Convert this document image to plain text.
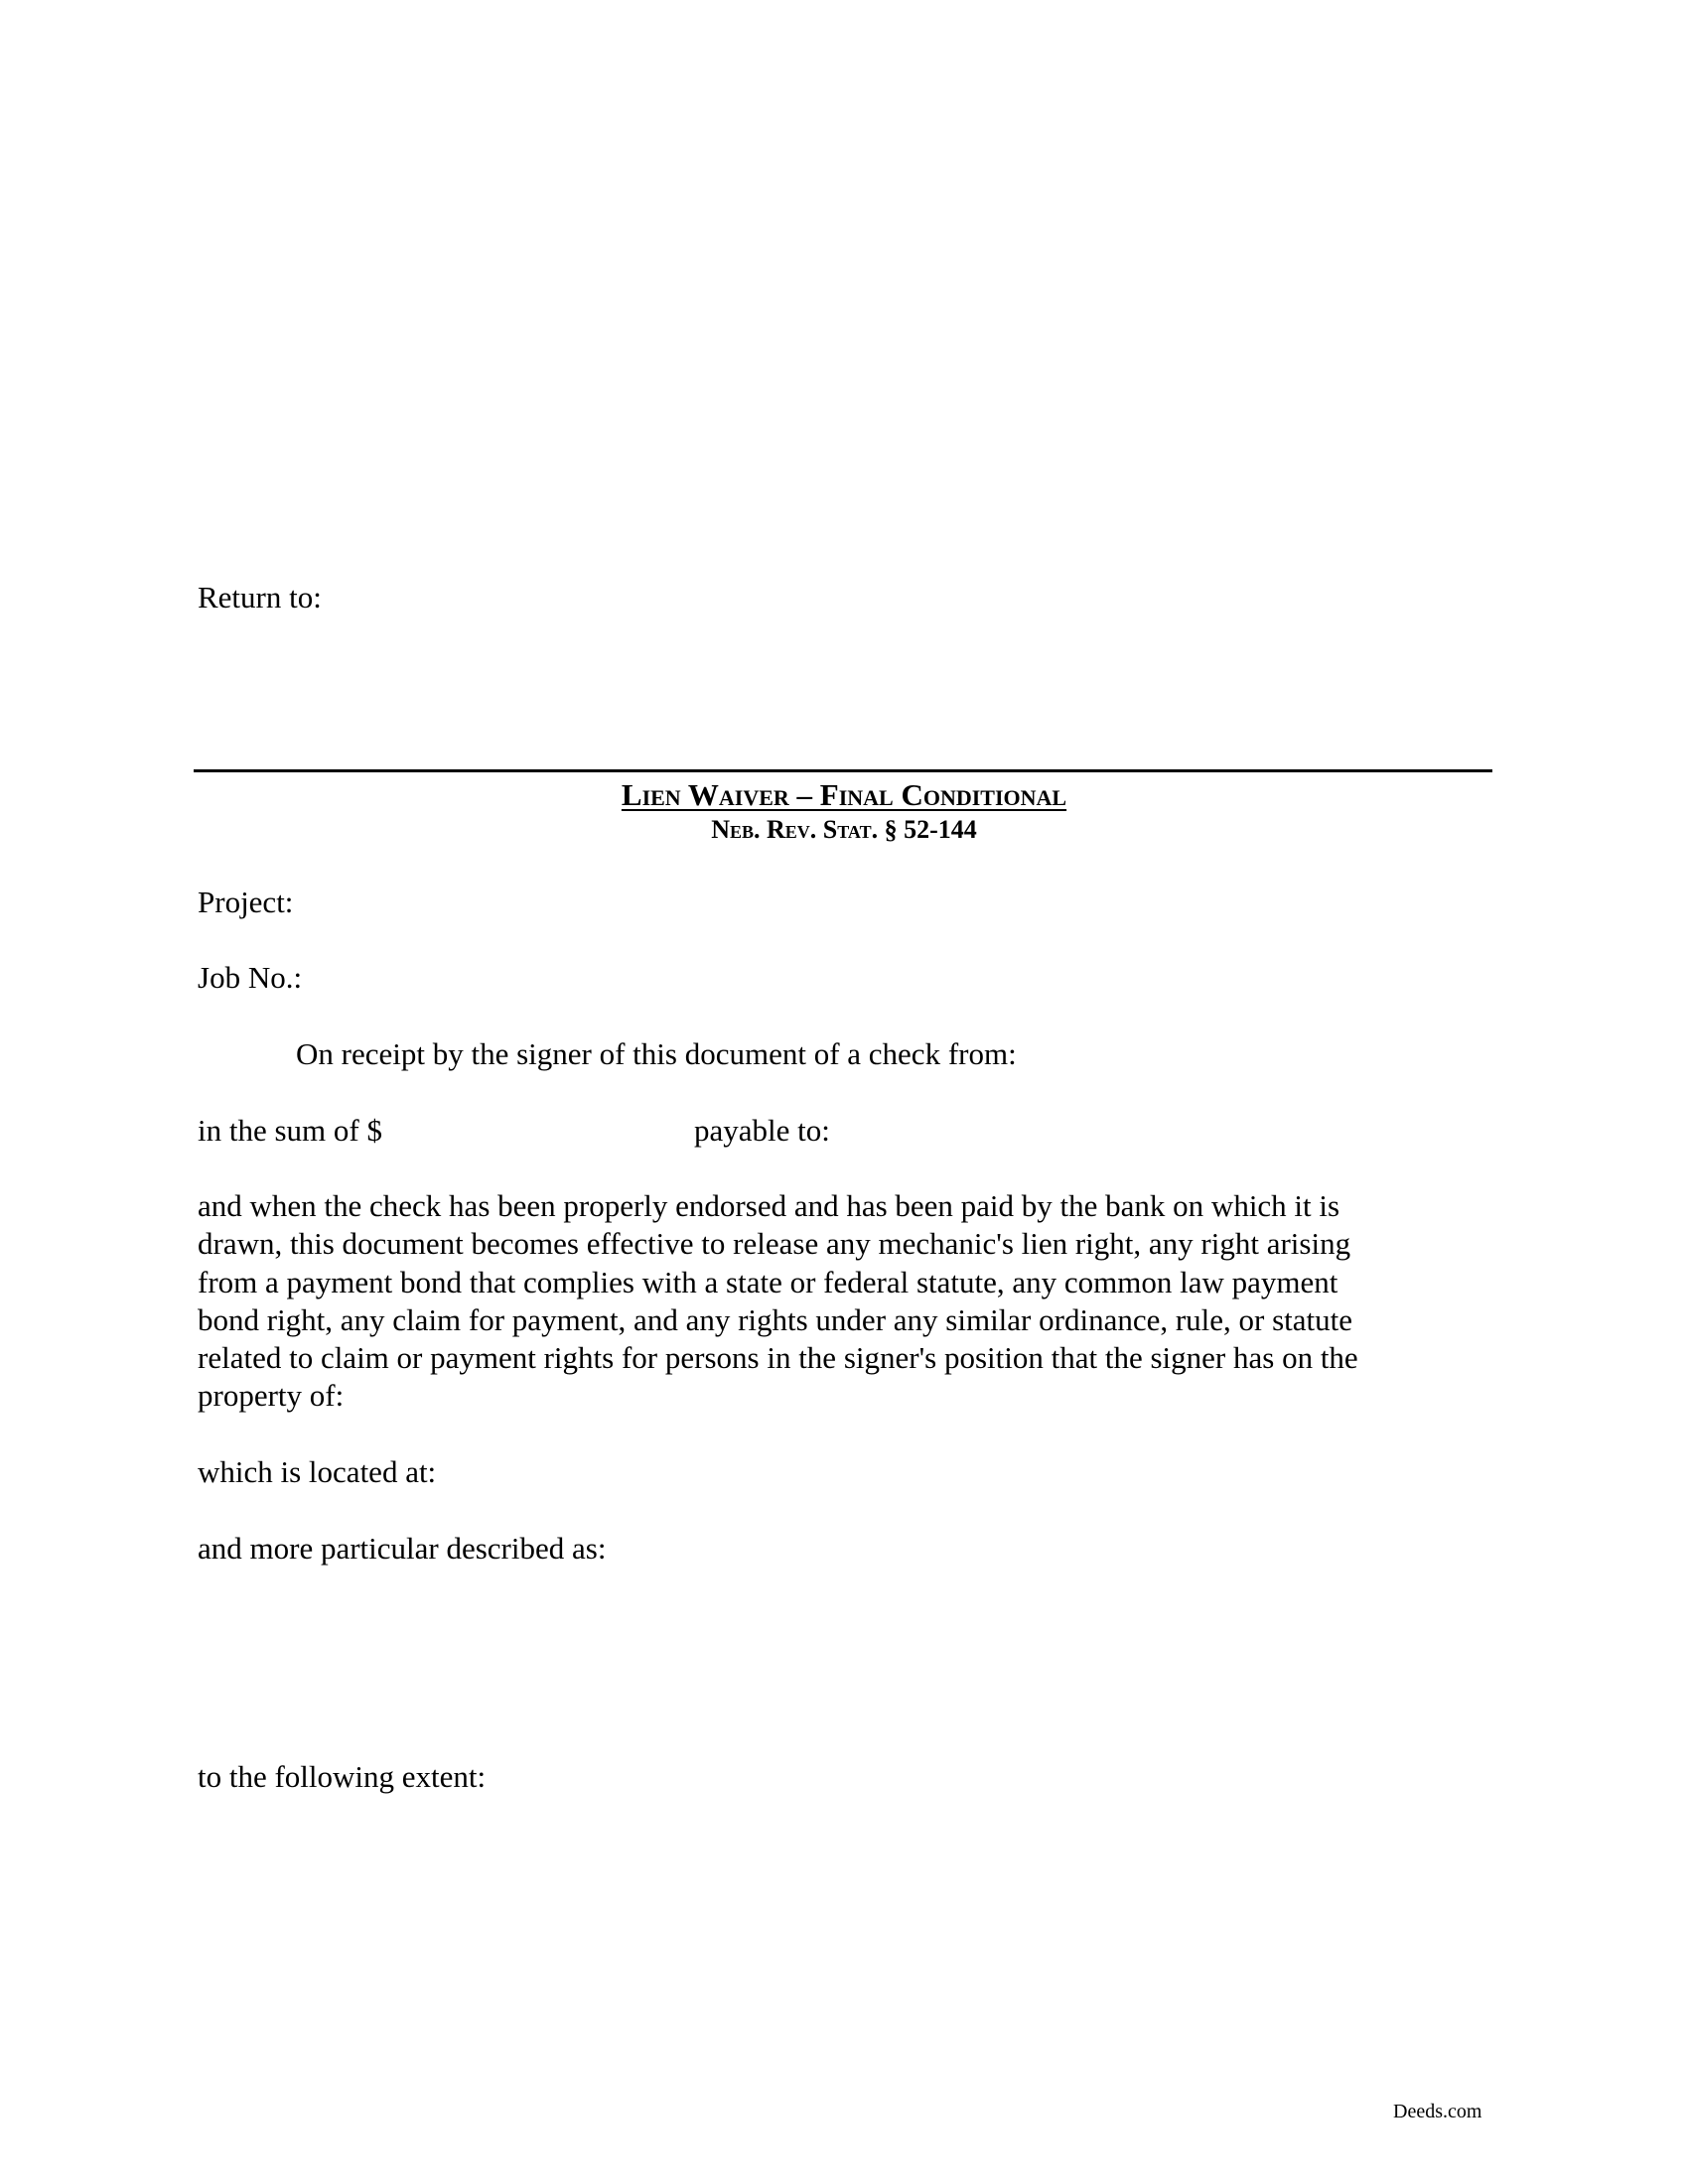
Return to:
Lien Waiver – Final Conditional
Neb. Rev. Stat. § 52-144
Project:
Job No.:
On receipt by the signer of this document of a check from:
in the sum of $	payable to:
and when the check has been properly endorsed and has been paid by the bank on which it is
drawn, this document becomes effective to release any mechanic's lien right, any right arising
from a payment bond that complies with a state or federal statute, any common law payment
bond right, any claim for payment, and any rights under any similar ordinance, rule, or statute
related to claim or payment rights for persons in the signer's position that the signer has on the
property of:
which is located at:
and more particular described as:
to the following extent:
Deeds.com
